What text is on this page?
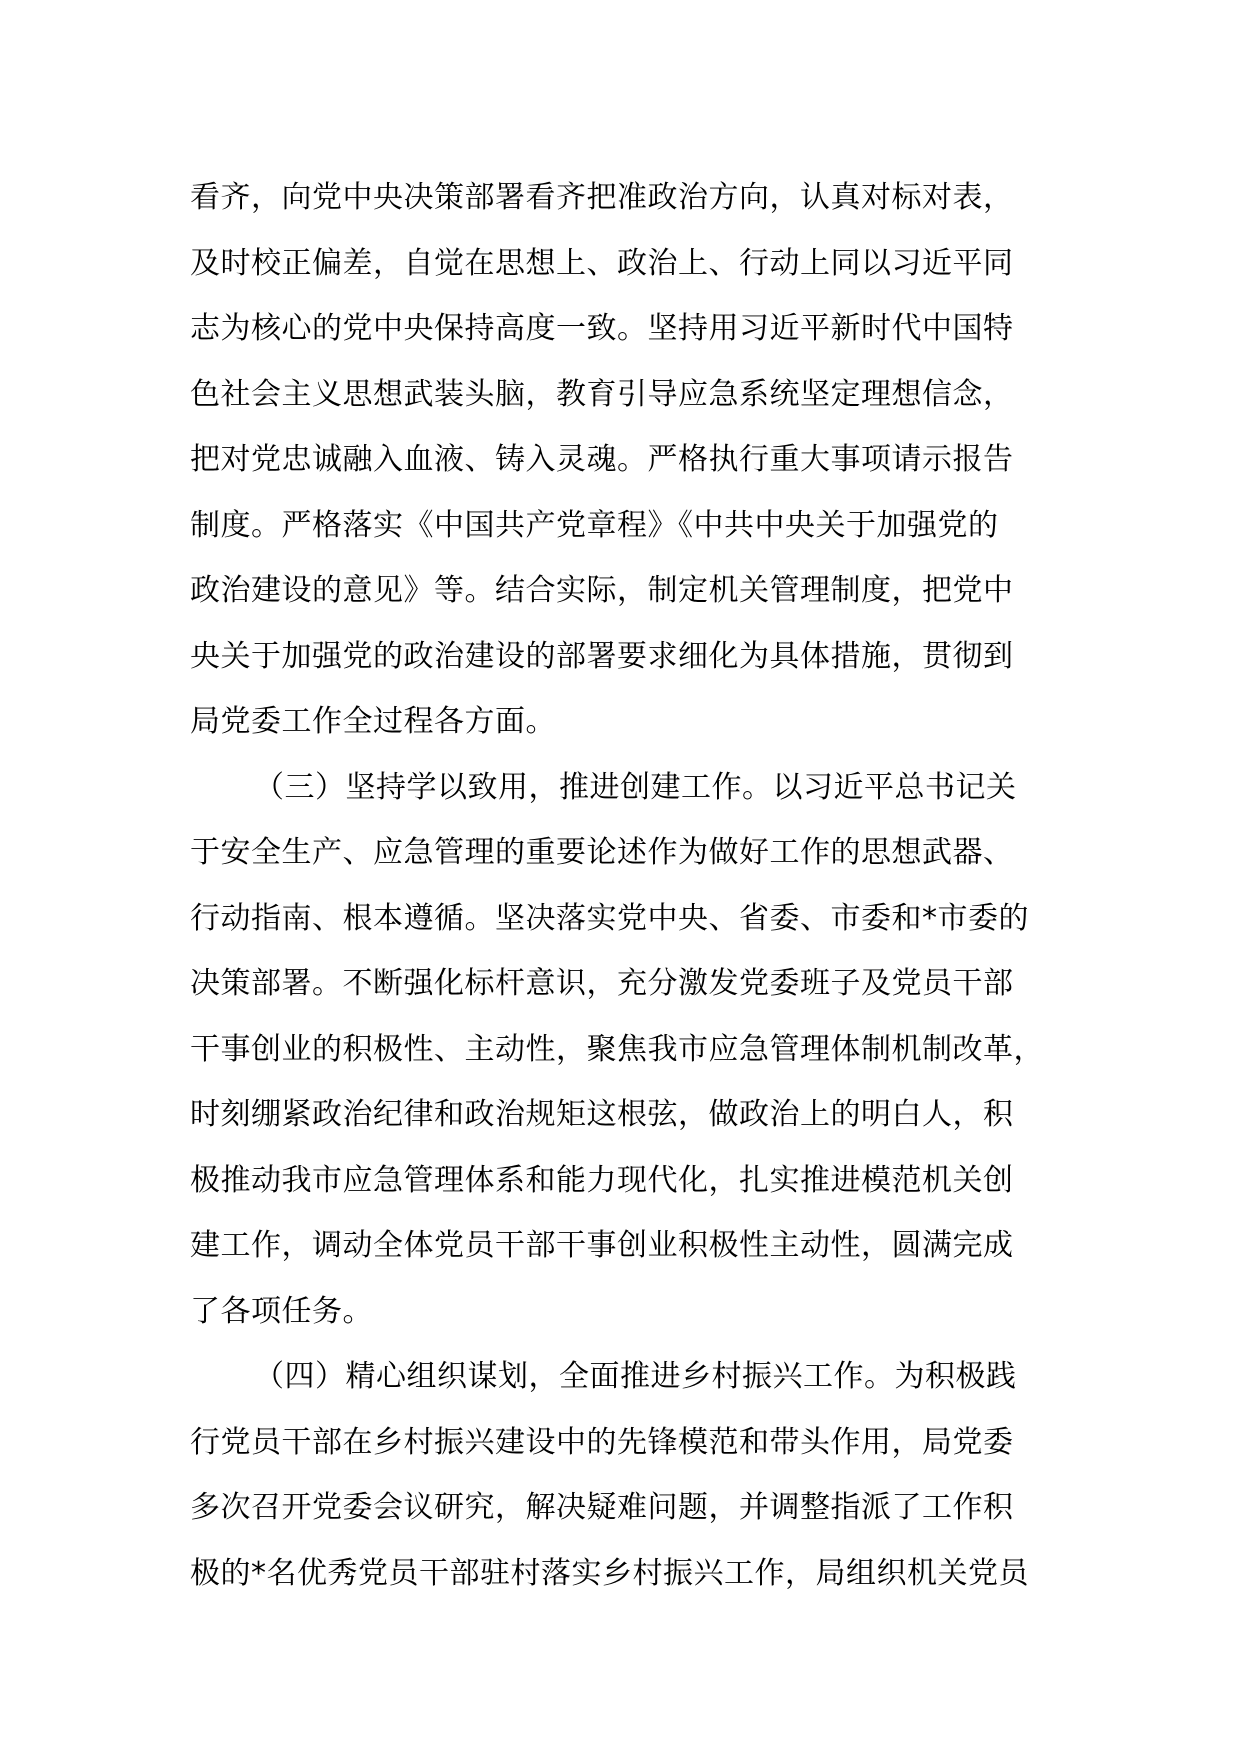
看齐，向党中央决策部署看齐把准政治方向，认真对标对表，
及时校正偏差，自觉在思想上、政治上、行动上同以习近平同
志为核心的党中央保持高度一致。坚持用习近平新时代中国特
色社会主义思想武装头脑，教育引导应急系统坚定理想信念，
把对党忠诚融入血液、铸入灵魂。严格执行重大事项请示报告
制度。严格落实《中国共产党章程》《中共中央关于加强党的
政治建设的意见》等。结合实际，制定机关管理制度，把党中
央关于加强党的政治建设的部署要求细化为具体措施，贯彻到
局党委工作全过程各方面。
（三）坚持学以致用，推进创建工作。以习近平总书记关
于安全生产、应急管理的重要论述作为做好工作的思想武器、
行动指南、根本遵循。坚决落实党中央、省委、市委和*市委的
决策部署。不断强化标杆意识，充分激发党委班子及党员干部
干事创业的积极性、主动性，聚焦我市应急管理体制机制改革，
时刻绷紧政治纪律和政治规矩这根弦，做政治上的明白人，积
极推动我市应急管理体系和能力现代化，扎实推进模范机关创
建工作，调动全体党员干部干事创业积极性主动性，圆满完成
了各项任务。
（四）精心组织谋划，全面推进乡村振兴工作。为积极践
行党员干部在乡村振兴建设中的先锋模范和带头作用，局党委
多次召开党委会议研究，解决疑难问题，并调整指派了工作积
极的*名优秀党员干部驻村落实乡村振兴工作，局组织机关党员
